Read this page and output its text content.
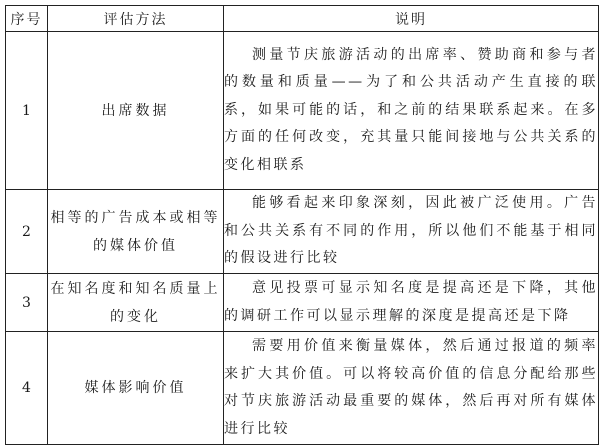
序号	评估方法	说明
1	出席数据	测量节庆旅游活动的出席率、赞助商和参与者的数量和质量——为了和公共活动产生直接的联系，如果可能的话，和之前的结果联系起来。在多方面的任何改变，充其量只能间接地与公共关系的变化相联系

2	相等的广告成本或相等的媒体价值	能够看起来印象深刻，因此被广泛使用。广告和公共关系有不同的作用，所以他们不能基于相同的假设进行比较

3	在知名度和知名质量上的变化	意见投票可显示知名度是提高还是下降，其他的调研工作可以显示理解的深度是提高还是下降

4	媒体影响价值	需要用价值来衡量媒体，然后通过报道的频率来扩大其价值。可以将较高价值的信息分配给那些对节庆旅游活动最重要的媒体，然后再对所有媒体进行比较
